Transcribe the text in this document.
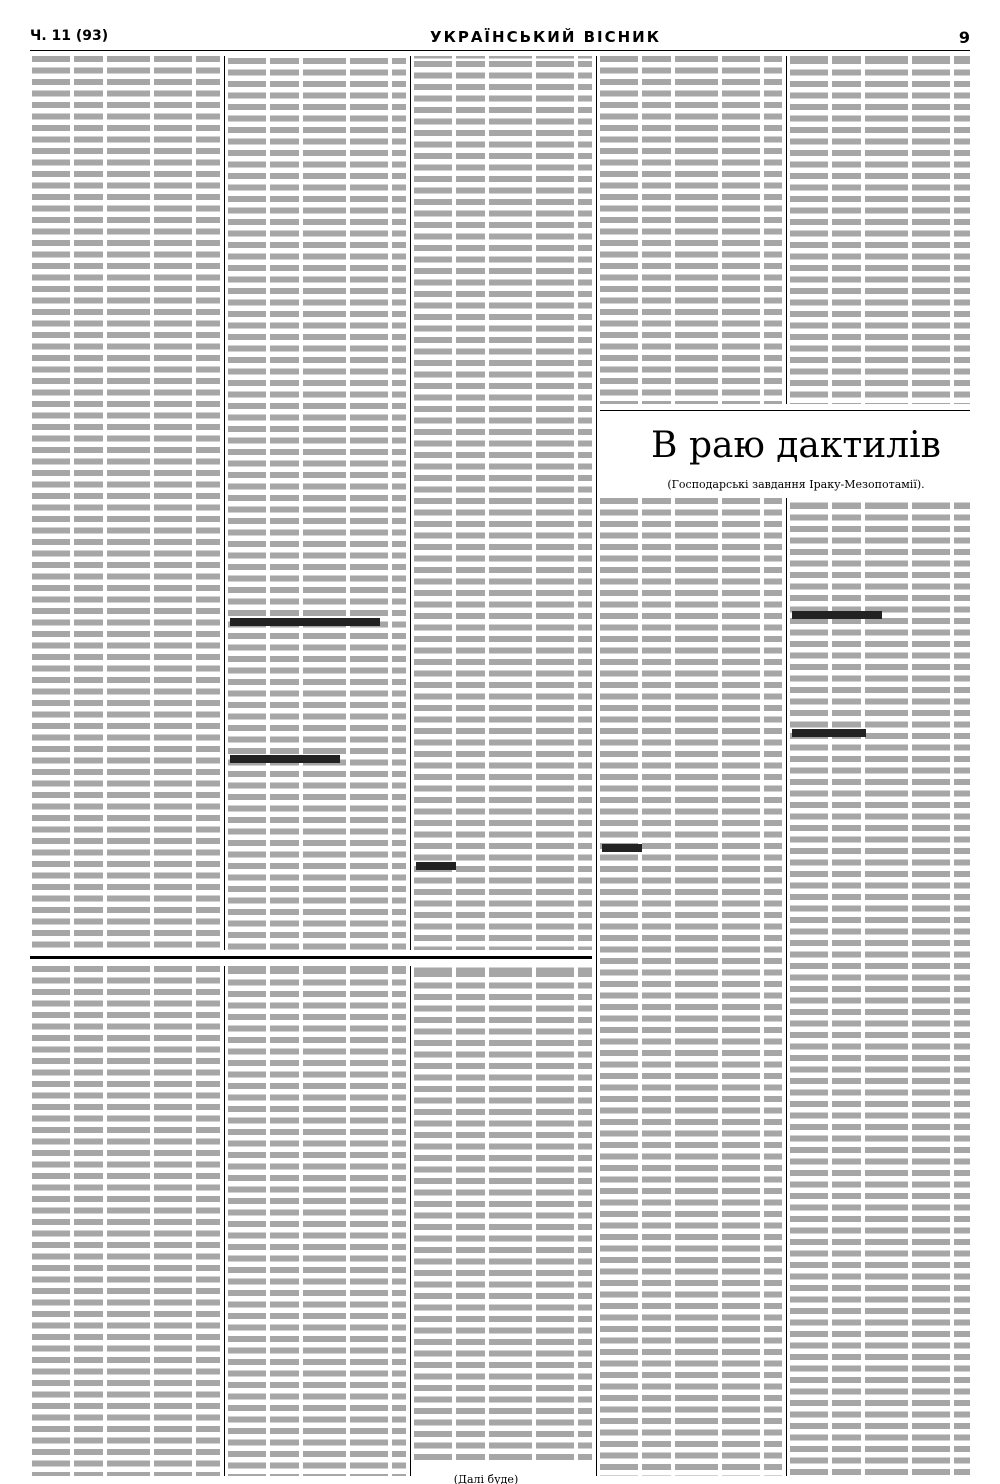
Ч. 11 (93)	УКРАЇНСЬКИЙ ВІСНИК	9
В раю дактилів
(Господарські завдання Іраку-Мезопотамії).
(Далі буде)
